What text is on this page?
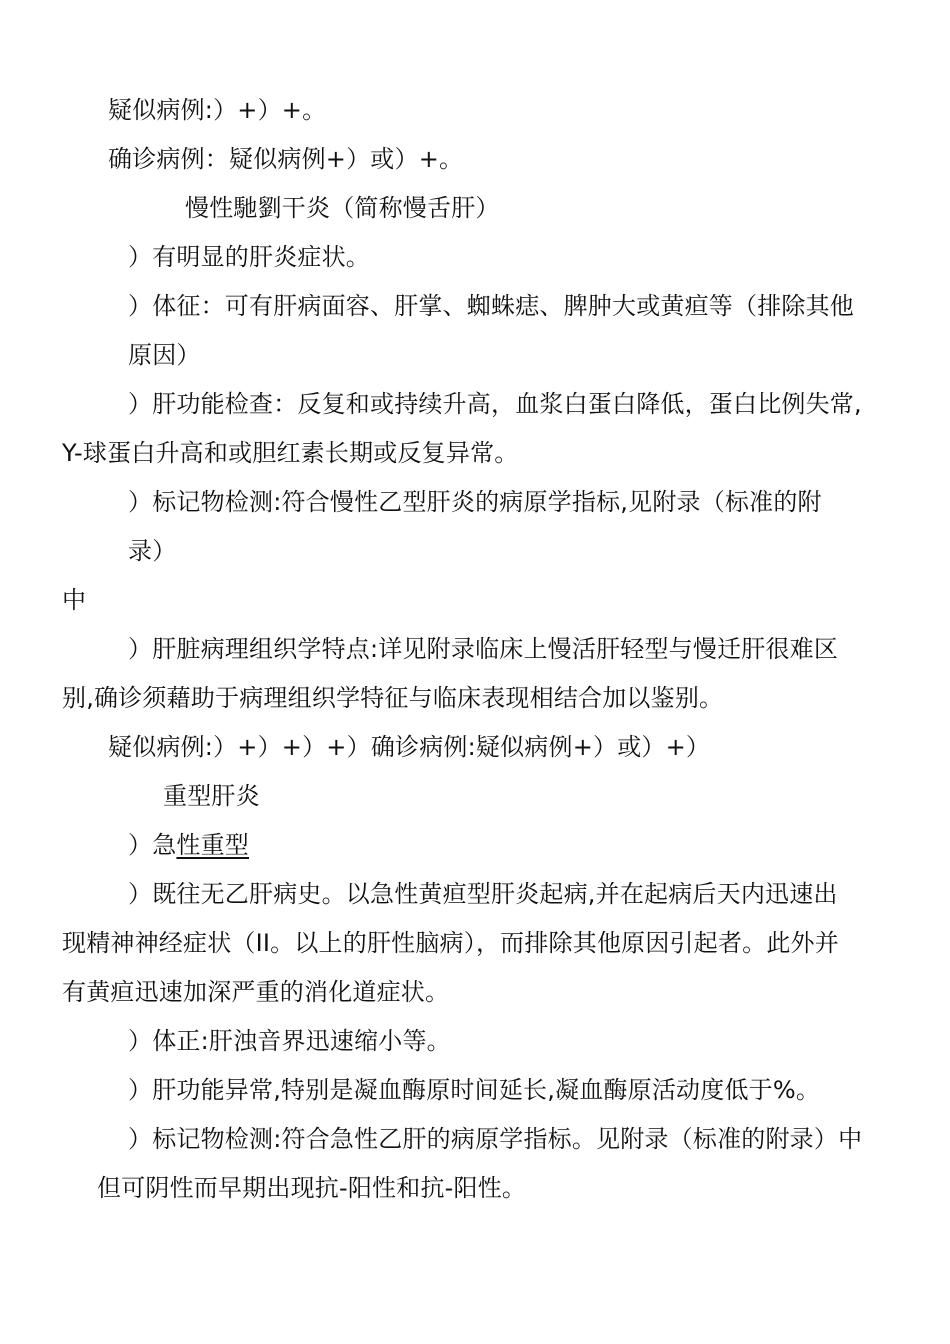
疑似病例:）+）+。
确诊病例：疑似病例+）或）+。
慢性馳劉干炎（简称慢舌肝）
）有明显的肝炎症状。
）体征：可有肝病面容、肝掌、蜘蛛痣、脾肿大或黄疸等（排除其他
原因）
）肝功能检查：反复和或持续升高，血浆白蛋白降低，蛋白比例失常,
Y-球蛋白升高和或胆红素长期或反复异常。
）标记物检测:符合慢性乙型肝炎的病原学指标,见附录（标准的附
录）
中
）肝脏病理组织学特点:详见附录临床上慢活肝轻型与慢迁肝很难区
别,确诊须藉助于病理组织学特征与临床表现相结合加以鉴别。
疑似病例:）+）+）+）确诊病例:疑似病例+）或）+）
重型肝炎
）急性重型
）既往无乙肝病史。以急性黄疸型肝炎起病,并在起病后天内迅速出
现精神神经症状（II。以上的肝性脑病），而排除其他原因引起者。此外并
有黄疸迅速加深严重的消化道症状。
）体正:肝浊音界迅速缩小等。
）肝功能异常,特别是凝血酶原时间延长,凝血酶原活动度低于%。
）标记物检测:符合急性乙肝的病原学指标。见附录（标准的附录）中
但可阴性而早期出现抗-阳性和抗-阳性。
